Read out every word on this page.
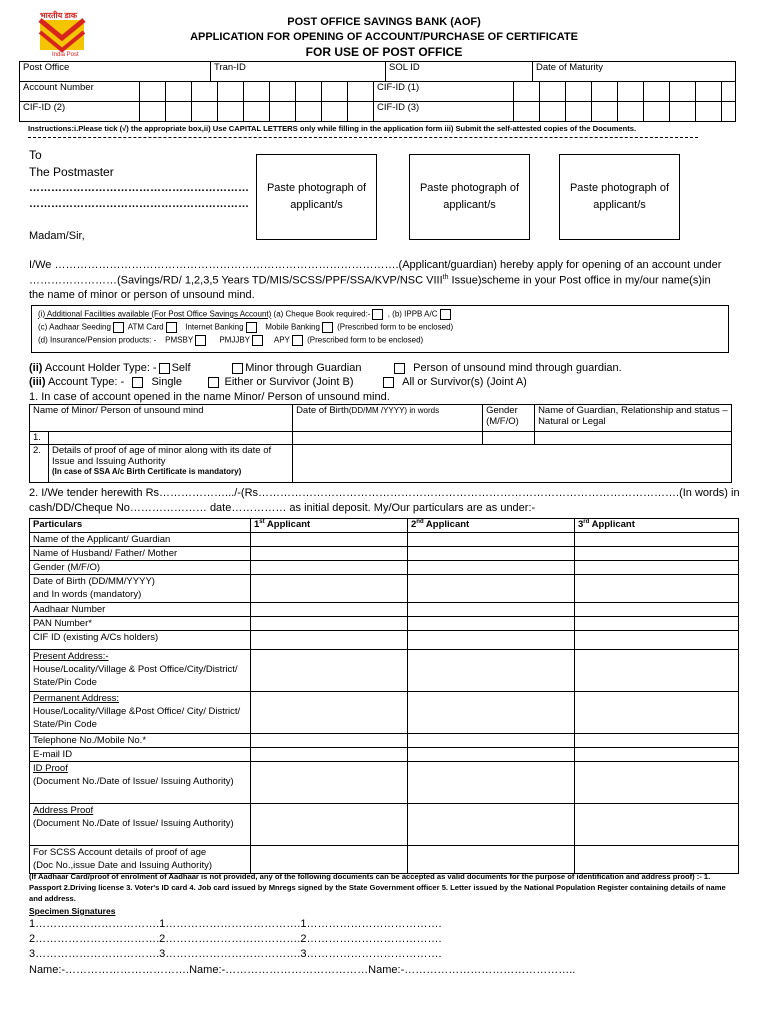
भारतीय डाक
India Post
POST OFFICE SAVINGS BANK (AOF)
APPLICATION FOR OPENING OF ACCOUNT/PURCHASE OF CERTIFICATE
FOR USE OF POST OFFICE
Post Office	Tran-ID	SOL ID	Date of Maturity
Account Number										CIF-ID (1)									
CIF-ID (2)										CIF-ID (3)									
Instructions:i.Please tick (√) the appropriate box,ii) Use CAPITAL LETTERS only while filling in the application form iii) Submit the self-attested copies of the Documents.
To
The Postmaster
……………………………………………………
……………………………………………………
Madam/Sir,
Paste photograph of applicant/s
Paste photograph of applicant/s
Paste photograph of applicant/s
I/We ………………………………………………………………………………….(Applicant/guardian) hereby apply for opening of an account under
……………………(Savings/RD/ 1,2,3,5 Years TD/MIS/SCSS/PPF/SSA/KVP/NSC VIIIth Issue)scheme in your Post office in my/our name(s)in
the name of minor or person of unsound mind.
(i) Additional Facilities available (For Post Office Savings Account) (a) Cheque Book required:- , (b) IPPB A/C
(c) Aadhaar Seeding ATM Card	Internet Banking	Mobile Banking (Prescribed form to be enclosed)
(d) Insurance/Pension products: - PMSBY	PMJJBY	APY (Prescribed form to be enclosed)
(ii) Account Holder Type: - Self	Minor through Guardian	Person of unsound mind through guardian.
(iii) Account Type: - Single	Either or Survivor (Joint B)	All or Survivor(s) (Joint A)
1. In case of account opened in the name Minor/ Person of unsound mind.
Name of Minor/ Person of unsound mind		Date of Birth(DD/MM /YYYY) in words	Gender (M/F/O)	Name of Guardian, Relationship and status – Natural or Legal
1.				
2.	Details of proof of age of minor along with its date of Issue and Issuing Authority
(In case of SSA A/c Birth Certificate is mandatory)			

2. I/We tender herewith Rs……………….../-(Rs…………………………………………………………………………………………………….(In words) in
cash/DD/Cheque No………………… date…………… as initial deposit. My/Our particulars are as under:-
Particulars	1st Applicant	2nd Applicant	3rd Applicant

Name of the Applicant/ Guardian			

Name of Husband/ Father/ Mother			

Gender (M/F/O)			

Date of Birth (DD/MM/YYYY)
and In words (mandatory)			

Aadhaar Number			

PAN Number*			

CIF ID (existing A/Cs holders)			

Present Address:-
House/Locality/Village & Post Office/City/District/ State/Pin Code			

Permanent Address:
House/Locality/Village &Post Office/ City/ District/ State/Pin Code			

Telephone No./Mobile No.*			

E-mail ID			

ID Proof
(Document No./Date of Issue/ Issuing Authority)			

Address Proof
(Document No./Date of Issue/ Issuing Authority)			

For SCSS Account details of proof of age
(Doc No.,issue Date and Issuing Authority)			

(If Aadhaar Card/proof of enrolment of Aadhaar is not provided, any of the following documents can be accepted as valid documents for the purpose of identification and address proof) :- 1. Passport 2.Driving license 3. Voter's ID card 4. Job card issued by Mnregs signed by the State Government officer 5. Letter issued by the National Population Register containing details of name and address.
Specimen Signatures
1…………………………….1……………………………….1……………………………….
2…………………………….2……………………………….2……………………………….
3…………………………….3……………………………….3……………………………….
Name:-…………………………….Name:-…………………………………Name:-………………………………………..
